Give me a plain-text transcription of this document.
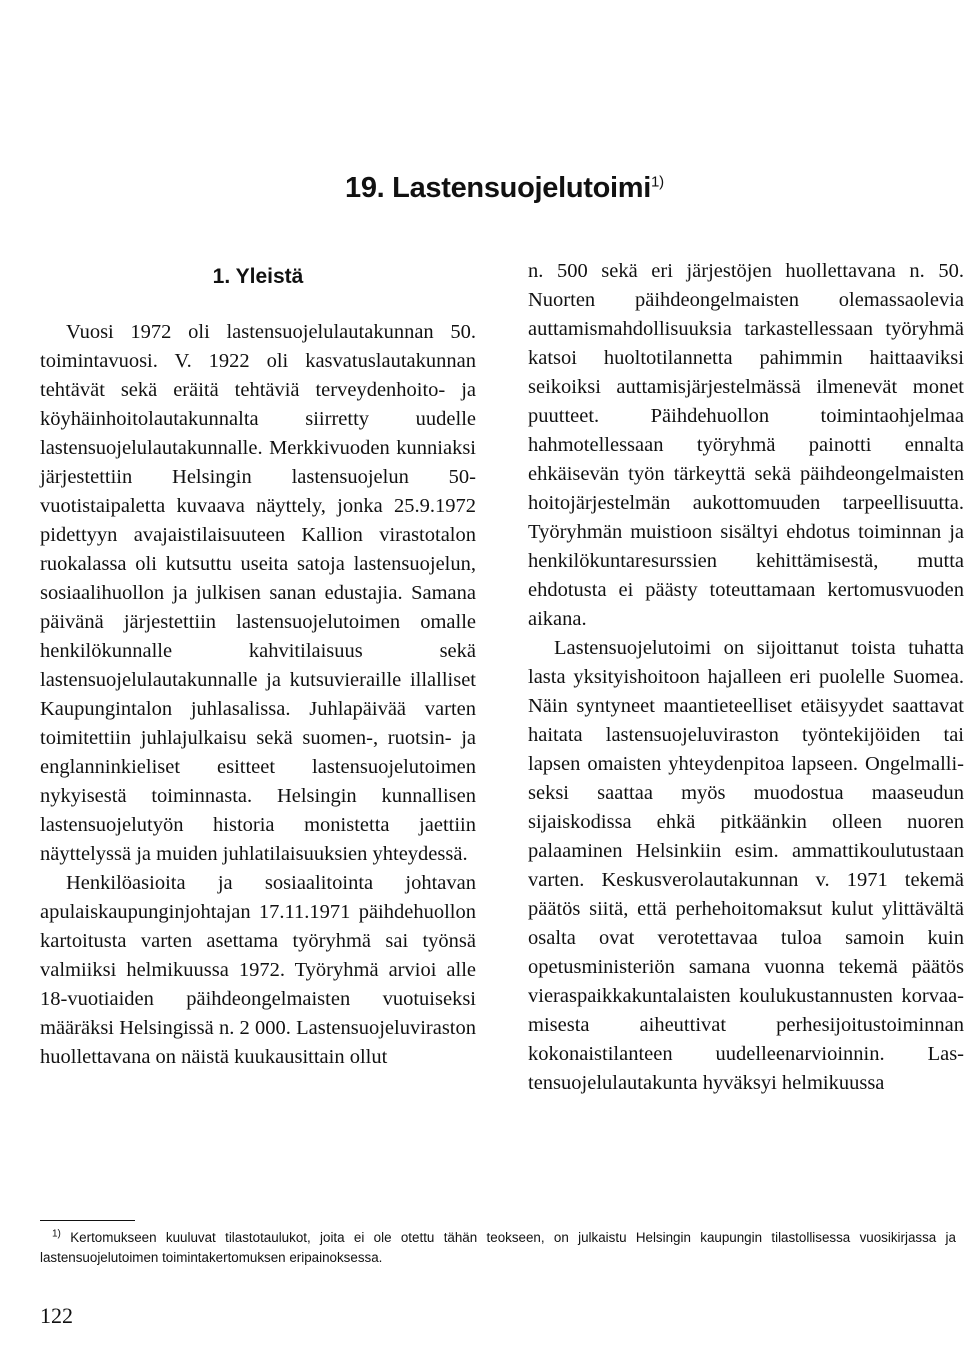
19. Lastensuojelutoimi$^{1)}$
1. Yleistä

Vuosi 1972 oli lastensuojelulautakunnan 50. toimintavuosi. V. 1922 oli kasvatuslautakunnan tehtävät sekä eräitä tehtäviä terveydenhoito- ja köyhäinhoitolautakunnalta siirretty uudelle lastensuojelulautakunnalle. Merkkivuoden kunniaksi järjestettiin Helsingin lastensuojelun 50-vuotistaipaletta kuvaava näyttely, jonka 25.9.1972 pidettyyn avajaistilaisuuteen Kallion virastotalon ruokalassa oli kutsuttu useita satoja lastensuojelun, sosiaalihuollon ja julkisen sanan edustajia. Samana päivänä järjestettiin lastensuojelutoimen omalle henkilökunnalle kahvitilaisuus sekä lastensuojelulautakunnalle ja kutsuvieraille illalliset Kaupungintalon juhlasalissa. Juhlapäivää varten toimitettiin juhlajulkaisu sekä suomen-, ruotsin- ja englanninkieliset esitteet lastensuojelutoimen nykyisestä toiminnasta. Helsingin kunnallisen lastensuojelutyön historia monistetta jaettiin näyttelyssä ja muiden juhlatilaisuuksien yhteydessä.

Henkilöasioita ja sosiaalitointa johtavan apulaiskaupunginjohtajan 17.11.1971 päihdehuollon kartoitusta varten asettama työryhmä sai työnsä valmiiksi helmikuussa 1972. Työryhmä arvioi alle 18-vuotiaiden päihdeongelmaisten vuotuiseksi määräksi Helsingissä n. 2 000. Lastensuojeluviraston huollettavana on näistä kuukausittain ollut

n. 500 sekä eri järjestöjen huollettavana n. 50. Nuorten päihdeongelmaisten olemassaolevia auttamismahdollisuuksia tarkastellessaan työryhmä katsoi huoltotilannetta pahimmin haittaaviksi seikoiksi auttamisjärjestelmässä ilmenevät monet puutteet. Päihdehuollon toimintaohjelmaa hahmotellessaan työryhmä painotti ennalta ehkäisevän työn tärkeyttä sekä päihdeongelmaisten hoitojärjestelmän aukottomuuden tarpeellisuutta. Työryhmän muistioon sisältyi ehdotus toiminnan ja henkilökuntaresurssien kehittämisestä, mutta ehdotusta ei päästy toteuttamaan kertomusvuoden aikana.

Lastensuojelutoimi on sijoittanut toista tuhatta lasta yksityishoitoon hajalleen eri puolelle Suomea. Näin syntyneet maantieteelliset etäisyydet saattavat haitata lastensuojeluviraston työntekijöiden tai lapsen omaisten yhteydenpitoa lapseen. Ongelmalliseksi saattaa myös muodostua maaseudun sijaiskodissa ehkä pitkäänkin olleen nuoren palaaminen Helsinkiin esim. ammattikoulutustaan varten. Keskusverolautakunnan v. 1971 tekemä päätös siitä, että perhehoitomaksut kulut ylittävältä osalta ovat verotettavaa tuloa samoin kuin opetusministeriön samana vuonna tekemä päätös vieraspaikkakuntalaisten koulukustannusten korvaamisesta aiheuttivat perhesijoitustoiminnan kokonaistilanteen uudelleenarvioinnin. Lastensuojelulautakunta hyväksyi helmikuussa

$^{1)}$ Kertomukseen kuuluvat tilastotaulukot, joita ei ole otettu tähän teokseen, on julkaistu Helsingin kaupungin tilastollisessa vuosikirjassa ja lastensuojelutoimen toimintakertomuksen eripainoksessa.

122
